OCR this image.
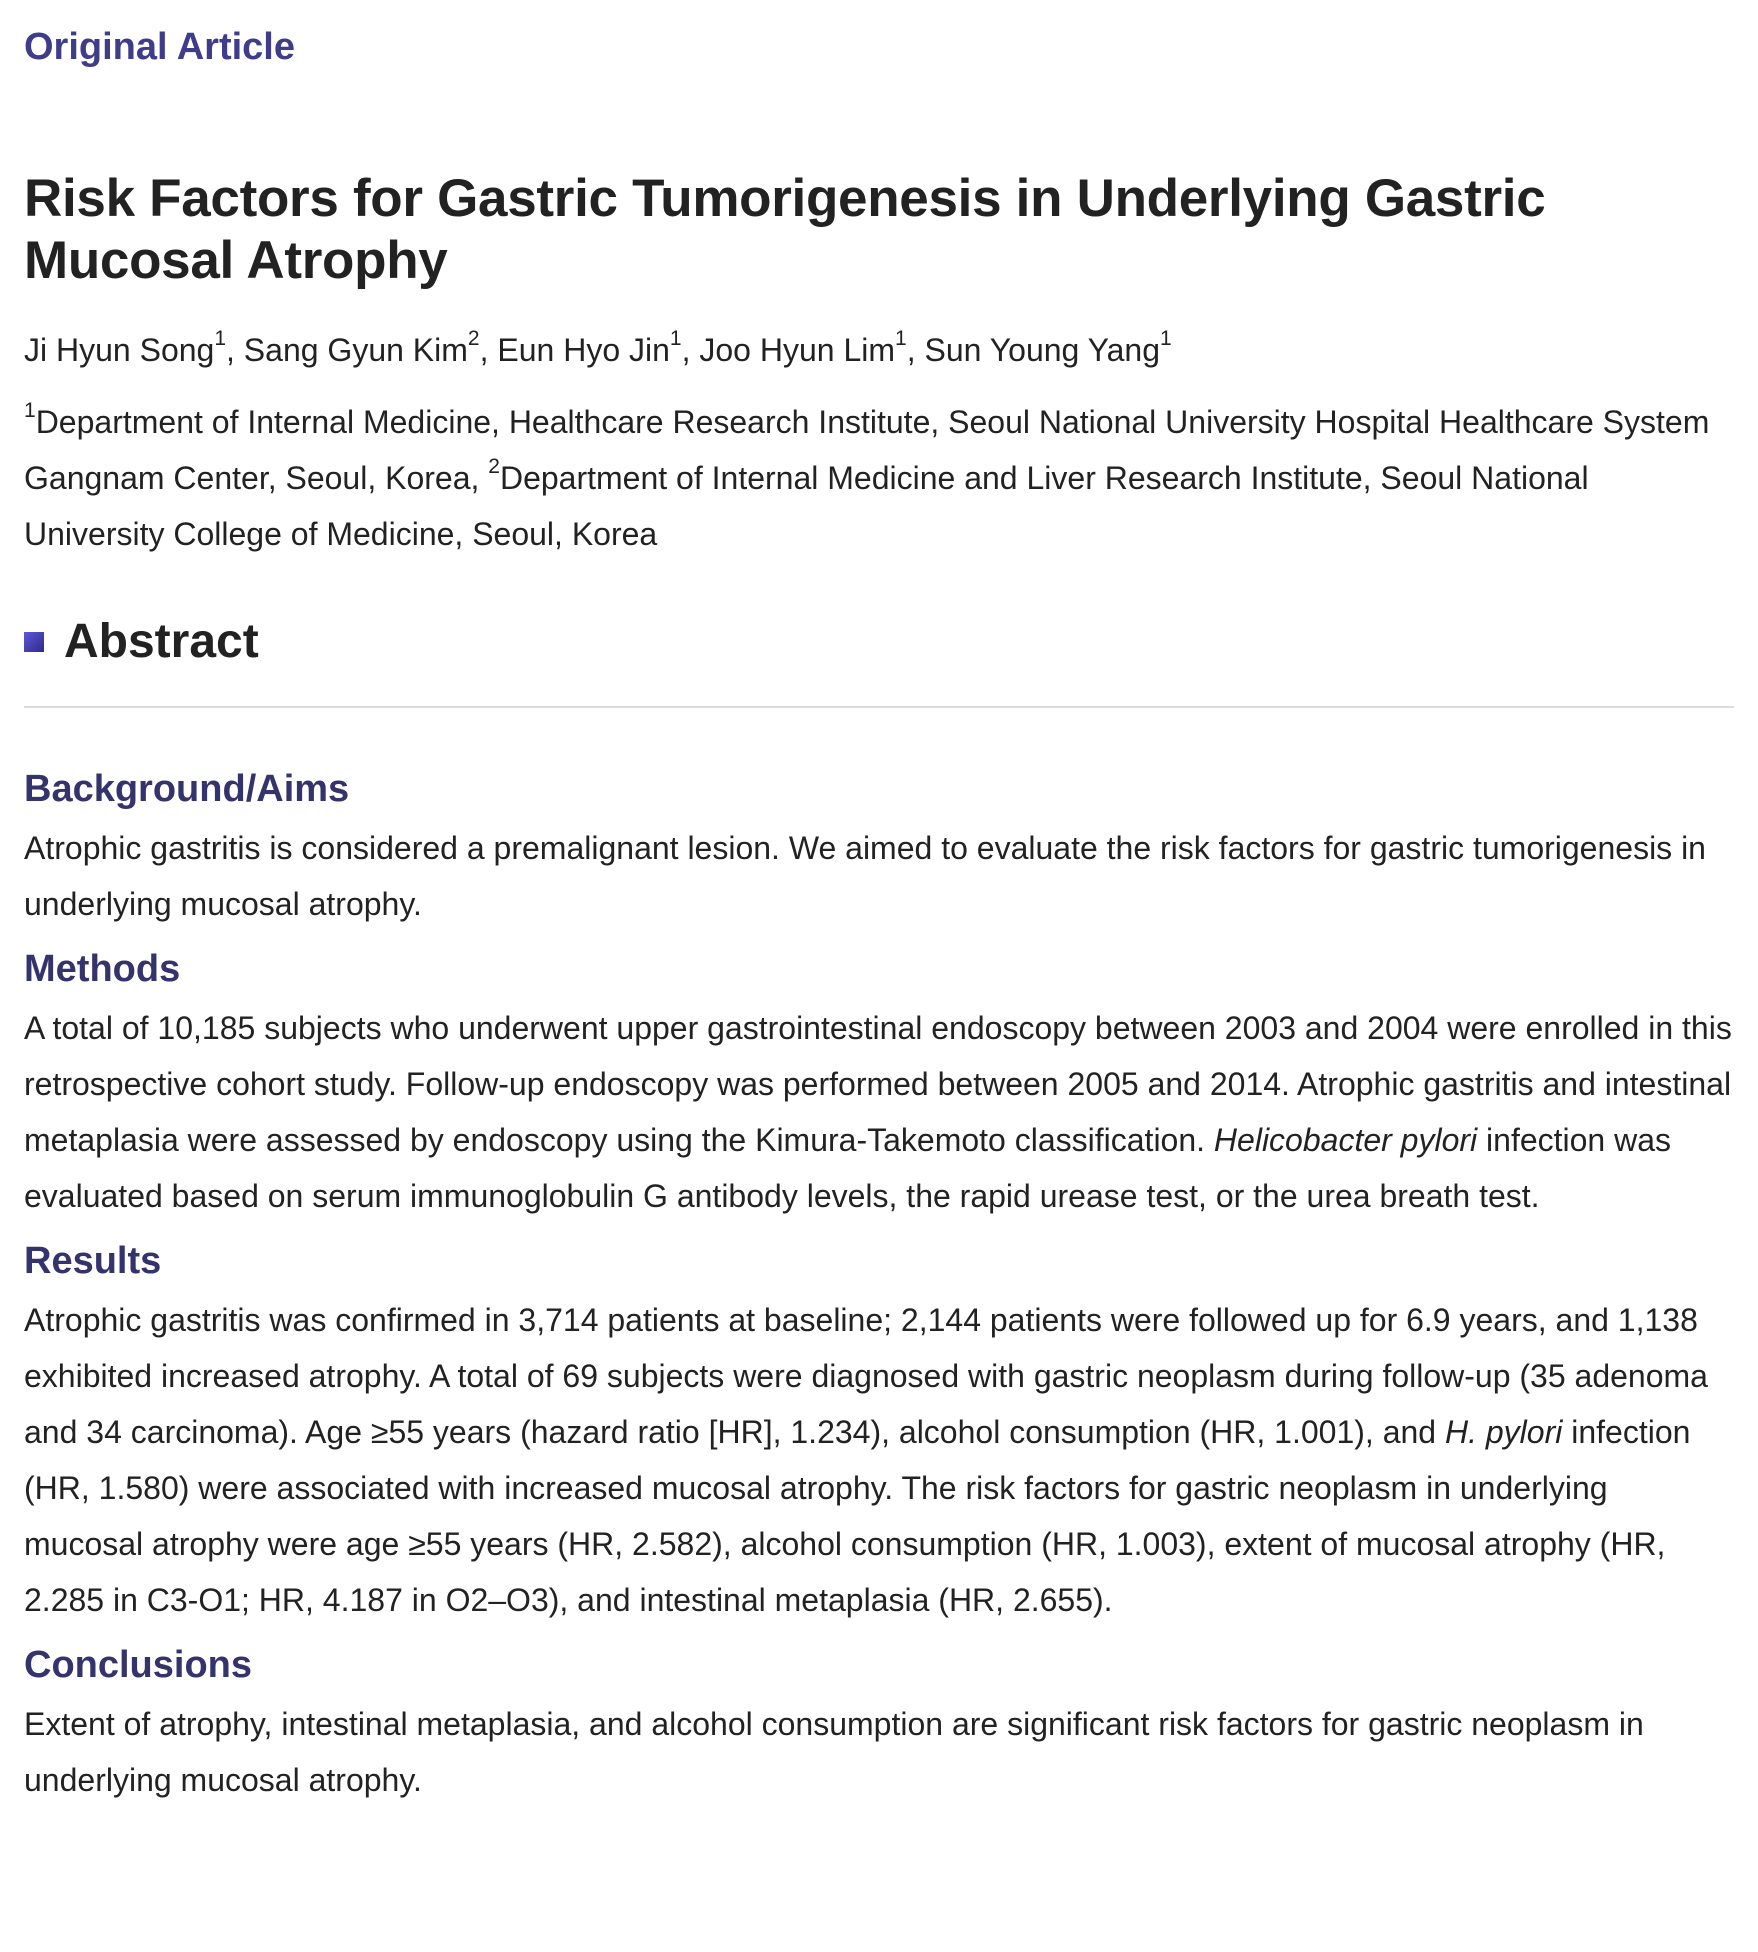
Original Article
Risk Factors for Gastric Tumorigenesis in Underlying Gastric Mucosal Atrophy
Ji Hyun Song$^1$, Sang Gyun Kim$^2$, Eun Hyo Jin$^1$, Joo Hyun Lim$^1$, Sun Young Yang$^1$
$^1$Department of Internal Medicine, Healthcare Research Institute, Seoul National University Hospital Healthcare System Gangnam Center, Seoul, Korea, $^2$Department of Internal Medicine and Liver Research Institute, Seoul National University College of Medicine, Seoul, Korea
Abstract
Background/Aims

Atrophic gastritis is considered a premalignant lesion. We aimed to evaluate the risk factors for gastric tumorigenesis in underlying mucosal atrophy.

Methods

A total of 10,185 subjects who underwent upper gastrointestinal endoscopy between 2003 and 2004 were enrolled in this retrospective cohort study. Follow-up endoscopy was performed between 2005 and 2014. Atrophic gastritis and intestinal metaplasia were assessed by endoscopy using the Kimura-Takemoto classification. Helicobacter pylori infection was evaluated based on serum immunoglobulin G antibody levels, the rapid urease test, or the urea breath test.

Results

Atrophic gastritis was confirmed in 3,714 patients at baseline; 2,144 patients were followed up for 6.9 years, and 1,138 exhibited increased atrophy. A total of 69 subjects were diagnosed with gastric neoplasm during follow-up (35 adenoma and 34 carcinoma). Age ≥55 years (hazard ratio [HR], 1.234), alcohol consumption (HR, 1.001), and H. pylori infection (HR, 1.580) were associated with increased mucosal atrophy. The risk factors for gastric neoplasm in underlying mucosal atrophy were age ≥55 years (HR, 2.582), alcohol consumption (HR, 1.003), extent of mucosal atrophy (HR, 2.285 in C3-O1; HR, 4.187 in O2–O3), and intestinal metaplasia (HR, 2.655).

Conclusions

Extent of atrophy, intestinal metaplasia, and alcohol consumption are significant risk factors for gastric neoplasm in underlying mucosal atrophy.
